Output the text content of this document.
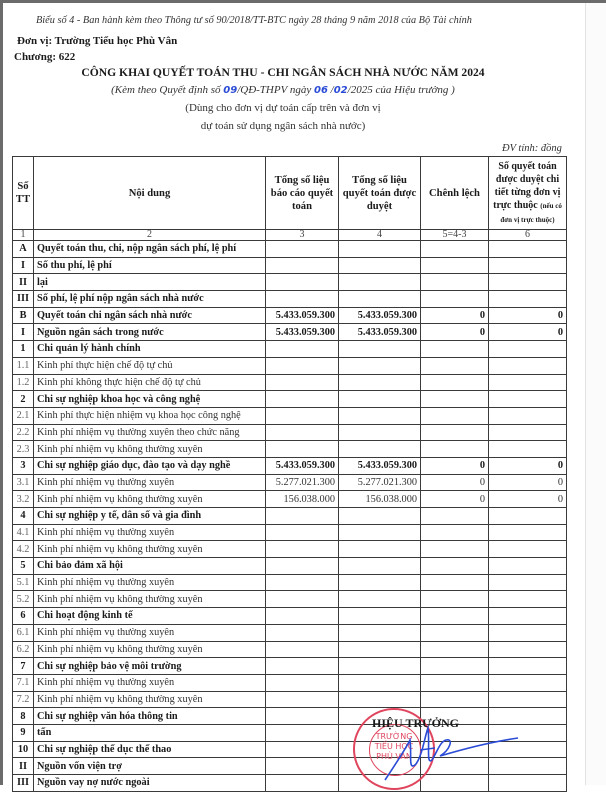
Biểu số 4 - Ban hành kèm theo Thông tư số 90/2018/TT-BTC ngày 28 tháng 9 năm 2018 của Bộ Tài chính
Đơn vị: Trường Tiểu học Phù Vân
Chương: 622
CÔNG KHAI QUYẾT TOÁN THU - CHI NGÂN SÁCH NHÀ NƯỚC NĂM 2024
(Kèm theo Quyết định số 09/QĐ-THPV ngày 06 /02/2025 của Hiệu trưởng )
(Dùng cho đơn vị dự toán cấp trên và đơn vị
dự toán sử dụng ngân sách nhà nước)
ĐV tính: đồng
Số TT	Nội dung	Tổng số liệu báo cáo quyết toán	Tổng số liệu quyết toán được duyệt	Chênh lệch	Số quyết toán được duyệt chi tiết từng đơn vị trực thuộc (nếu có đơn vị trực thuộc)
1	2	3	4	5=4-3	6
A	Quyết toán thu, chi, nộp ngân sách phí, lệ phí				
I	Số thu phí, lệ phí				
II	lại				
III	Số phí, lệ phí nộp ngân sách nhà nước				
B	Quyết toán chi ngân sách nhà nước	5.433.059.300	5.433.059.300	0	0
I	Nguồn ngân sách trong nước	5.433.059.300	5.433.059.300	0	0
1	Chi quản lý hành chính				
1.1	Kinh phí thực hiện chế độ tự chủ				
1.2	Kinh phí không thực hiện chế độ tự chủ				
2	Chi sự nghiệp khoa học và công nghệ				
2.1	Kinh phí thực hiện nhiệm vụ khoa học công nghệ				
2.2	Kinh phí nhiệm vụ thường xuyên theo chức năng				
2.3	Kinh phí nhiệm vụ không thường xuyên				
3	Chi sự nghiệp giáo dục, đào tạo và dạy nghề	5.433.059.300	5.433.059.300	0	0
3.1	Kinh phí nhiệm vụ thường xuyên	5.277.021.300	5.277.021.300	0	0
3.2	Kinh phí nhiệm vụ không thường xuyên	156.038.000	156.038.000	0	0
4	Chi sự nghiệp y tế, dân số và gia đình				
4.1	Kinh phí nhiệm vụ thường xuyên				
4.2	Kinh phí nhiệm vụ không thường xuyên				
5	Chi bảo đảm xã hội				
5.1	Kinh phí nhiệm vụ thường xuyên				
5.2	Kinh phí nhiệm vụ không thường xuyên				
6	Chi hoạt động kinh tế				
6.1	Kinh phí nhiệm vụ thường xuyên				
6.2	Kinh phí nhiệm vụ không thường xuyên				
7	Chi sự nghiệp bảo vệ môi trường				
7.1	Kinh phí nhiệm vụ thường xuyên				
7.2	Kinh phí nhiệm vụ không thường xuyên				
8	Chi sự nghiệp văn hóa thông tin				
9	tấn				
10	Chi sự nghiệp thể dục thể thao				
II	Nguồn vốn viện trợ				
III	Nguồn vay nợ nước ngoài				
TRƯỜNG
TIỂU HỌC
PHÙ VÂN
HIỆU TRƯỞNG
